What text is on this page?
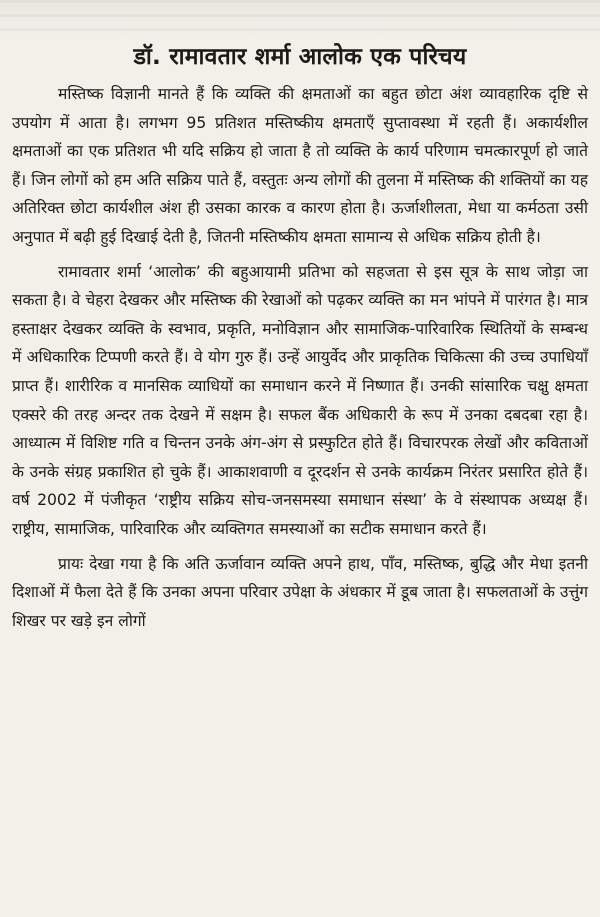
डॉ. रामावतार शर्मा आलोक एक परिचय

मस्तिष्क विज्ञानी मानते हैं कि व्यक्ति की क्षमताओं का बहुत छोटा अंश व्यावहारिक दृष्टि से उपयोग में आता है। लगभग 95 प्रतिशत मस्तिष्कीय क्षमताएँ सुप्तावस्था में रहती हैं। अकार्यशील क्षमताओं का एक प्रतिशत भी यदि सक्रिय हो जाता है तो व्यक्ति के कार्य परिणाम चमत्कारपूर्ण हो जाते हैं। जिन लोगों को हम अति सक्रिय पाते हैं, वस्तुतः अन्य लोगों की तुलना में मस्तिष्क की शक्तियों का यह अतिरिक्त छोटा कार्यशील अंश ही उसका कारक व कारण होता है। ऊर्जाशीलता, मेधा या कर्मठता उसी अनुपात में बढ़ी हुई दिखाई देती है, जितनी मस्तिष्कीय क्षमता सामान्य से अधिक सक्रिय होती है।

रामावतार शर्मा ‘आलोक’ की बहुआयामी प्रतिभा को सहजता से इस सूत्र के साथ जोड़ा जा सकता है। वे चेहरा देखकर और मस्तिष्क की रेखाओं को पढ़कर व्यक्ति का मन भांपने में पारंगत है। मात्र हस्ताक्षर देखकर व्यक्ति के स्वभाव, प्रकृति, मनोविज्ञान और सामाजिक-पारिवारिक स्थितियों के सम्बन्ध में अधिकारिक टिप्पणी करते हैं। वे योग गुरु हैं। उन्हें आयुर्वेद और प्राकृतिक चिकित्सा की उच्च उपाधियाँ प्राप्त हैं। शारीरिक व मानसिक व्याधियों का समाधान करने में निष्णात हैं। उनकी सांसारिक चक्षु क्षमता एक्सरे की तरह अन्दर तक देखने में सक्षम है। सफल बैंक अधिकारी के रूप में उनका दबदबा रहा है। आध्यात्म में विशिष्ट गति व चिन्तन उनके अंग-अंग से प्रस्फुटित होते हैं। विचारपरक लेखों और कविताओं के उनके संग्रह प्रकाशित हो चुके हैं। आकाशवाणी व दूरदर्शन से उनके कार्यक्रम निरंतर प्रसारित होते हैं। वर्ष 2002 में पंजीकृत ‘राष्ट्रीय सक्रिय सोच-जनसमस्या समाधान संस्था’ के वे संस्थापक अध्यक्ष हैं। राष्ट्रीय, सामाजिक, पारिवारिक और व्यक्तिगत समस्याओं का सटीक समाधान करते हैं।

प्रायः देखा गया है कि अति ऊर्जावान व्यक्ति अपने हाथ, पाँव, मस्तिष्क, बुद्धि और मेधा इतनी दिशाओं में फैला देते हैं कि उनका अपना परिवार उपेक्षा के अंधकार में डूब जाता है। सफलताओं के उत्तुंग शिखर पर खड़े इन लोगों
